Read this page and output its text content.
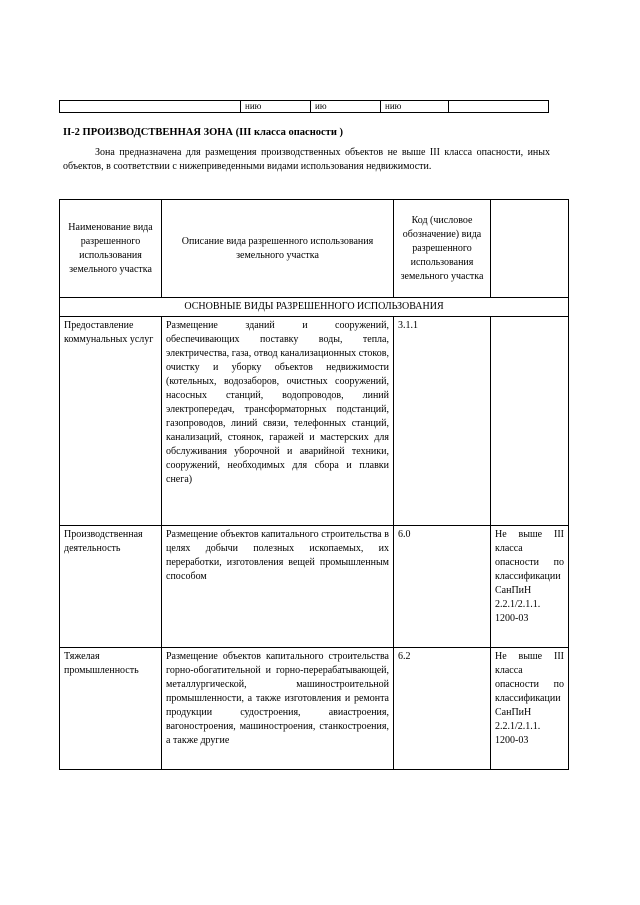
	нию	ию	нию	
II-2 ПРОИЗВОДСТВЕННАЯ ЗОНА (III класса опасности )
Зона предназначена для размещения производственных объектов не выше III класса опасности, иных объектов, в соответствии с нижеприведенными видами использования недвижимости.
Наименование вида разрешенного использования земельного участка	Описание вида разрешенного использования земельного участка	Код (числовое обозначение) вида разрешенного использования земельного участка	
ОСНОВНЫЕ ВИДЫ РАЗРЕШЕННОГО ИСПОЛЬЗОВАНИЯ			
Предоставление коммунальных услуг	Размещение зданий и сооружений, обеспечивающих поставку воды, тепла, электричества, газа, отвод канализационных стоков, очистку и уборку объектов недвижимости (котельных, водозаборов, очистных сооружений, насосных станций, водопроводов, линий электропередач, трансформаторных подстанций, газопроводов, линий связи, телефонных станций, канализаций, стоянок, гаражей и мастерских для обслуживания уборочной и аварийной техники, сооружений, необходимых для сбора и плавки снега)	3.1.1	
Производственная деятельность	Размещение объектов капитального строительства в целях добычи полезных ископаемых, их переработки, изготовления вещей промышленным способом	6.0	Не выше III класса опасности по классификации СанПиН 2.2.1/2.1.1. 1200-03
Тяжелая промышленность	Размещение объектов капитального строительства горно-обогатительной и горно-перерабатывающей, металлургической, машиностроительной промышленности, а также изготовления и ремонта продукции судостроения, авиастроения, вагоностроения, машиностроения, станкостроения, а также другие	6.2	Не выше III класса опасности по классификации СанПиН 2.2.1/2.1.1. 1200-03
